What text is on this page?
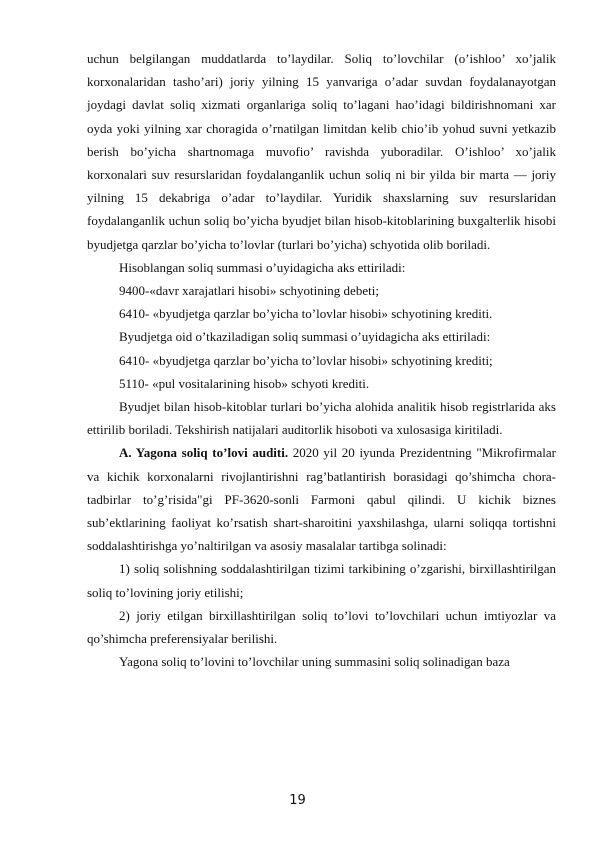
uchun belgilangan muddatlarda to’laydilar. Soliq to’lovchilar (o’ishloo’ xo’jalik korxonalaridan tasho’ari) joriy yilning 15 yanvariga o’adar suvdan foydalanayotgan joydagi davlat soliq xizmati organlariga soliq to’lagani hao’idagi bildirishnomani xar oyda yoki yilning xar choragida o’rnatilgan limitdan kelib chio’ib yohud suvni yetkazib berish bo’yicha shartnomaga muvofio’ ravishda yuboradilar. O’ishloo’ xo’jalik korxonalari suv resurslaridan foydalanganlik uchun soliq ni bir yilda bir marta — joriy yilning 15 dekabriga o’adar to’laydilar. Yuridik shaxslarning suv resurslaridan foydalanganlik uchun soliq bo’yicha byudjet bilan hisob-kitoblarining buxgalterlik hisobi byudjetga qarzlar bo’yicha to’lovlar (turlari bo’yicha) schyotida olib boriladi.

Hisoblangan soliq summasi o’uyidagicha aks ettiriladi:

9400-«davr xarajatlari hisobi» schyotining debeti;

6410- «byudjetga qarzlar bo’yicha to’lovlar hisobi» schyotining krediti.

Byudjetga oid o’tkaziladigan soliq summasi o’uyidagicha aks ettiriladi:

6410- «byudjetga qarzlar bo’yicha to’lovlar hisobi» schyotining krediti;

5110- «pul vositalarining hisob» schyoti krediti.

Byudjet bilan hisob-kitoblar turlari bo’yicha alohida analitik hisob registrlarida aks ettirilib boriladi. Tekshirish natijalari auditorlik hisoboti va xulosasiga kiritiladi.

A. Yagona soliq to’lovi auditi. 2020 yil 20 iyunda Prezidentning "Mikrofirmalar va kichik korxonalarni rivojlantirishni rag’batlantirish borasidagi qo’shimcha chora-tadbirlar to’g’risida"gi PF-3620-sonli Farmoni qabul qilindi. U kichik biznes sub’ektlarining faoliyat ko’rsatish shart-sharoitini yaxshilashga, ularni soliqqa tortishni soddalashtirishga yo’naltirilgan va asosiy masalalar tartibga solinadi:

1) soliq solishning soddalashtirilgan tizimi tarkibining o’zgarishi, birxillashtirilgan soliq to’lovining joriy etilishi;

2) joriy etilgan birxillashtirilgan soliq to’lovi to’lovchilari uchun imtiyozlar va qo’shimcha preferensiyalar berilishi.

Yagona soliq to’lovini to’lovchilar uning summasini soliq solinadigan baza

19
